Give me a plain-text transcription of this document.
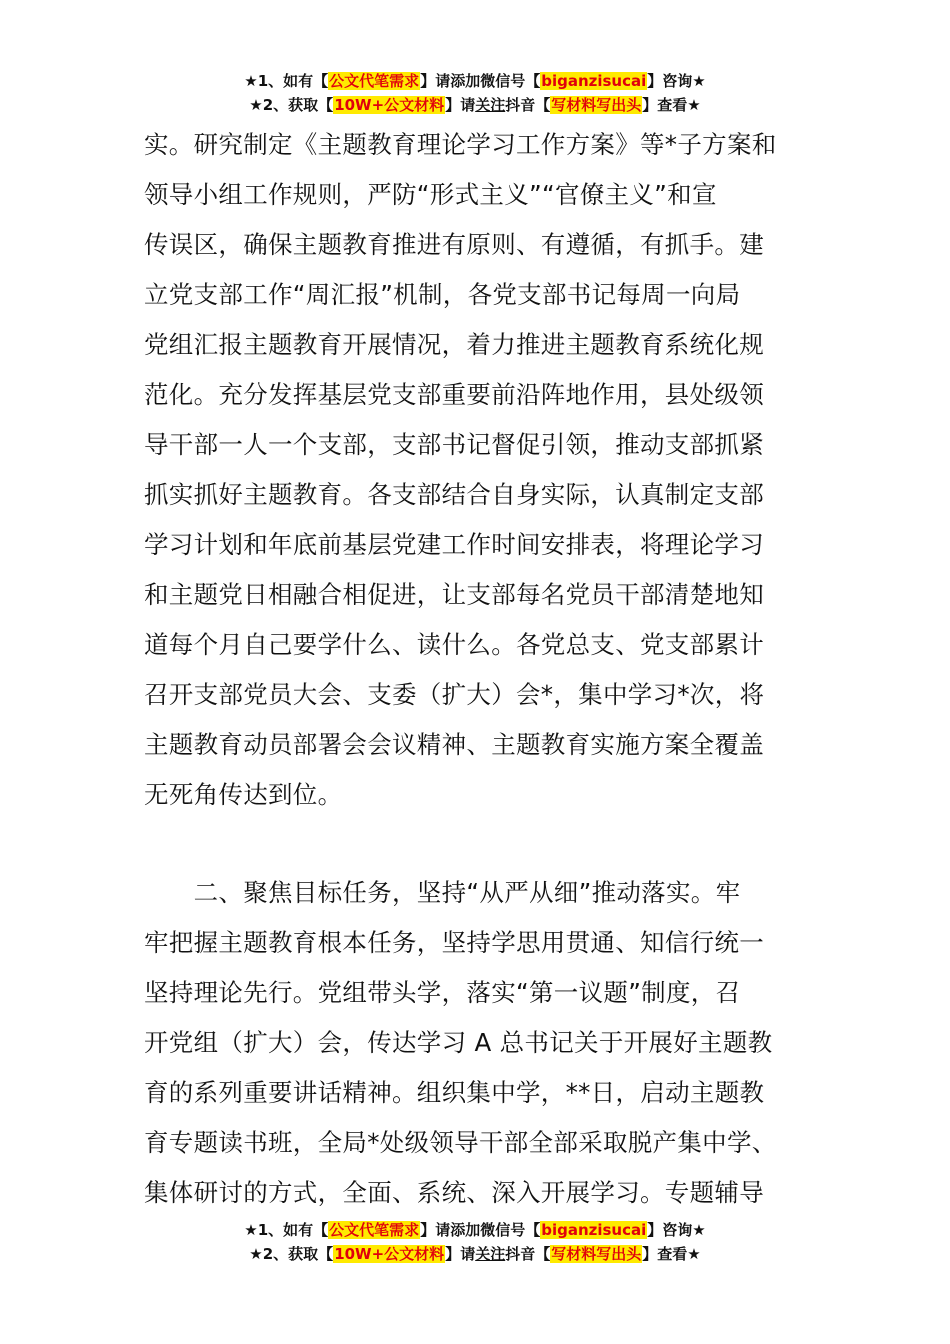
★1、如有【公文代笔需求】请添加微信号【biganzisucai】咨询★
★2、获取【10W+公文材料】请关注抖音【写材料写出头】查看★
实。研究制定《主题教育理论学习工作方案》等*子方案和
领导小组工作规则，严防“形式主义”“官僚主义”和宣
传误区，确保主题教育推进有原则、有遵循，有抓手。建
立党支部工作“周汇报”机制，各党支部书记每周一向局
党组汇报主题教育开展情况，着力推进主题教育系统化规
范化。充分发挥基层党支部重要前沿阵地作用，县处级领
导干部一人一个支部，支部书记督促引领，推动支部抓紧
抓实抓好主题教育。各支部结合自身实际，认真制定支部
学习计划和年底前基层党建工作时间安排表，将理论学习
和主题党日相融合相促进，让支部每名党员干部清楚地知
道每个月自己要学什么、读什么。各党总支、党支部累计
召开支部党员大会、支委（扩大）会*，集中学习*次，将
主题教育动员部署会会议精神、主题教育实施方案全覆盖
无死角传达到位。
　　二、聚焦目标任务，坚持“从严从细”推动落实。牢
牢把握主题教育根本任务，坚持学思用贯通、知信行统一
坚持理论先行。党组带头学，落实“第一议题”制度，召
开党组（扩大）会，传达学习 A 总书记关于开展好主题教
育的系列重要讲话精神。组织集中学，**日，启动主题教
育专题读书班，全局*处级领导干部全部采取脱产集中学、
集体研讨的方式，全面、系统、深入开展学习。专题辅导
★1、如有【公文代笔需求】请添加微信号【biganzisucai】咨询★
★2、获取【10W+公文材料】请关注抖音【写材料写出头】查看★
